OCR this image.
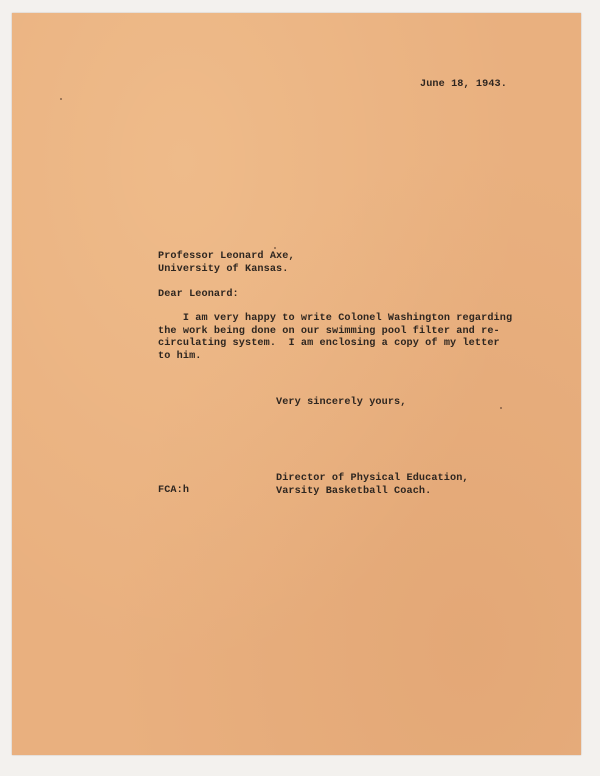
June 18, 1943.
Professor Leonard Axe,
University of Kansas.
Dear Leonard:
I am very happy to write Colonel Washington regarding
the work being done on our swimming pool filter and re-
circulating system.  I am enclosing a copy of my letter
to him.
Very sincerely yours,
Director of Physical Education,
Varsity Basketball Coach.
FCA:h
